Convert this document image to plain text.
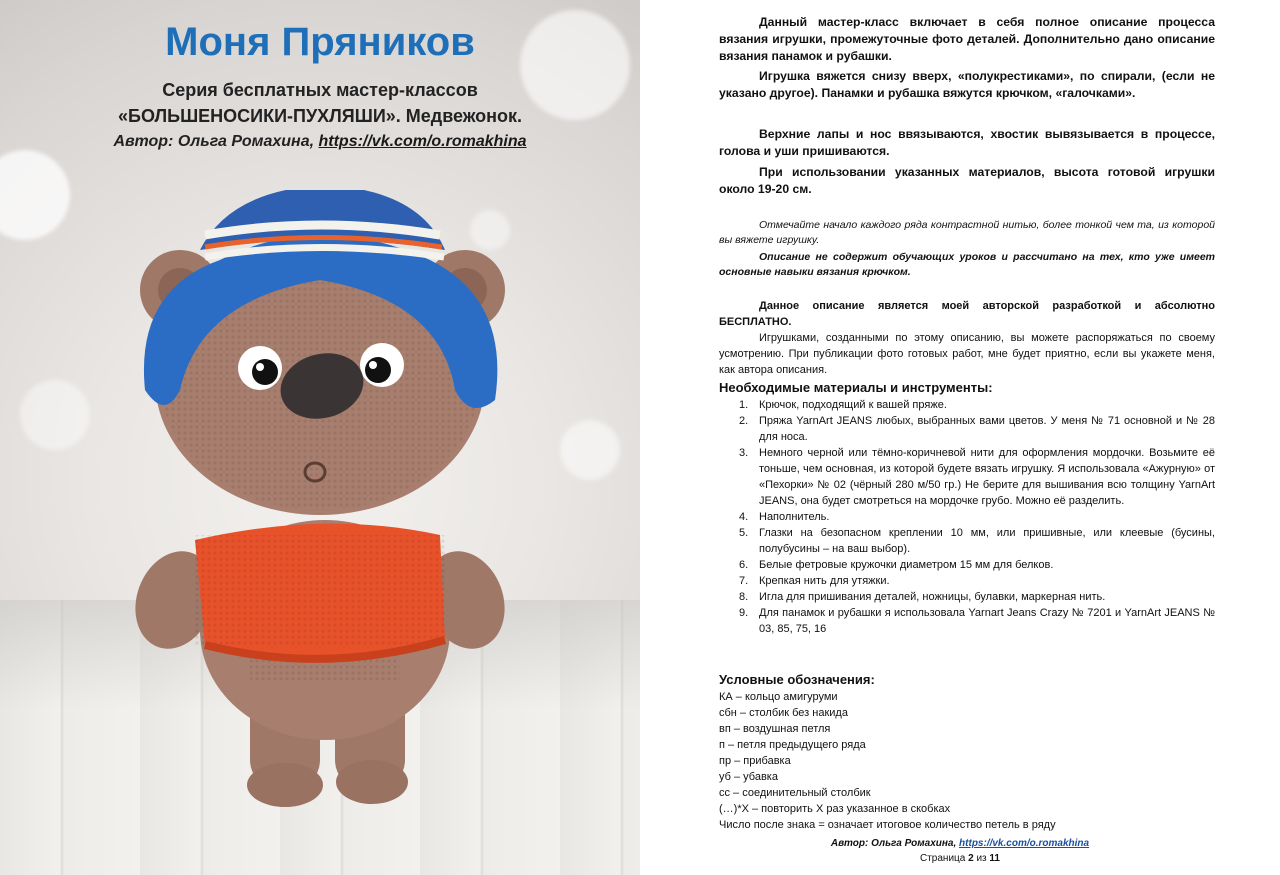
Моня Пряников
Серия бесплатных мастер-классов
«БОЛЬШЕНОСИКИ-ПУХЛЯШИ». Медвежонок.
Автор: Ольга Ромахина, https://vk.com/o.romakhina
Данный мастер-класс включает в себя полное описание процесса вязания игрушки, промежуточные фото деталей. Дополнительно дано описание вязания панамок и рубашки.
Игрушка вяжется снизу вверх, «полукрестиками», по спирали, (если не указано другое). Панамки и рубашка вяжутся крючком, «галочками».
Верхние лапы и нос ввязываются, хвостик вывязывается в процессе, голова и уши пришиваются.
При использовании указанных материалов, высота готовой игрушки около 19-20 см.
Отмечайте начало каждого ряда контрастной нитью, более тонкой чем та, из которой вы вяжете игрушку.
Описание не содержит обучающих уроков и рассчитано на тех, кто уже имеет основные навыки вязания крючком.
Данное описание является моей авторской разработкой и абсолютно БЕСПЛАТНО.
Игрушками, созданными по этому описанию, вы можете распоряжаться по своему усмотрению. При публикации фото готовых работ, мне будет приятно, если вы укажете меня, как автора описания.
Необходимые материалы и инструменты:
1. Крючок, подходящий к вашей пряже.
2. Пряжа YarnArt JEANS любых, выбранных вами цветов. У меня № 71 основной и № 28 для носа.
3. Немного черной или тёмно-коричневой нити для оформления мордочки. Возьмите её тоньше, чем основная, из которой будете вязать игрушку. Я использовала «Ажурную» от «Пехорки» № 02 (чёрный 280 м/50 гр.) Не берите для вышивания всю толщину YarnArt JEANS, она будет смотреться на мордочке грубо. Можно её разделить.
4. Наполнитель.
5. Глазки на безопасном креплении 10 мм, или пришивные, или клеевые (бусины, полубусины – на ваш выбор).
6. Белые фетровые кружочки диаметром 15 мм для белков.
7. Крепкая нить для утяжки.
8. Игла для пришивания деталей, ножницы, булавки, маркерная нить.
9. Для панамок и рубашки я использовала Yarnart Jeans Crazy № 7201 и YarnArt JEANS № 03, 85, 75, 16
Условные обозначения:
КА – кольцо амигуруми
сбн – столбик без накида
вп – воздушная петля
п – петля предыдущего ряда
пр – прибавка
уб – убавка
сс – соединительный столбик
(…)*Х – повторить Х раз указанное в скобках
Число после знака = означает итоговое количество петель в ряду
Автор: Ольга Ромахина, https://vk.com/o.romakhina
Страница 2 из 11
